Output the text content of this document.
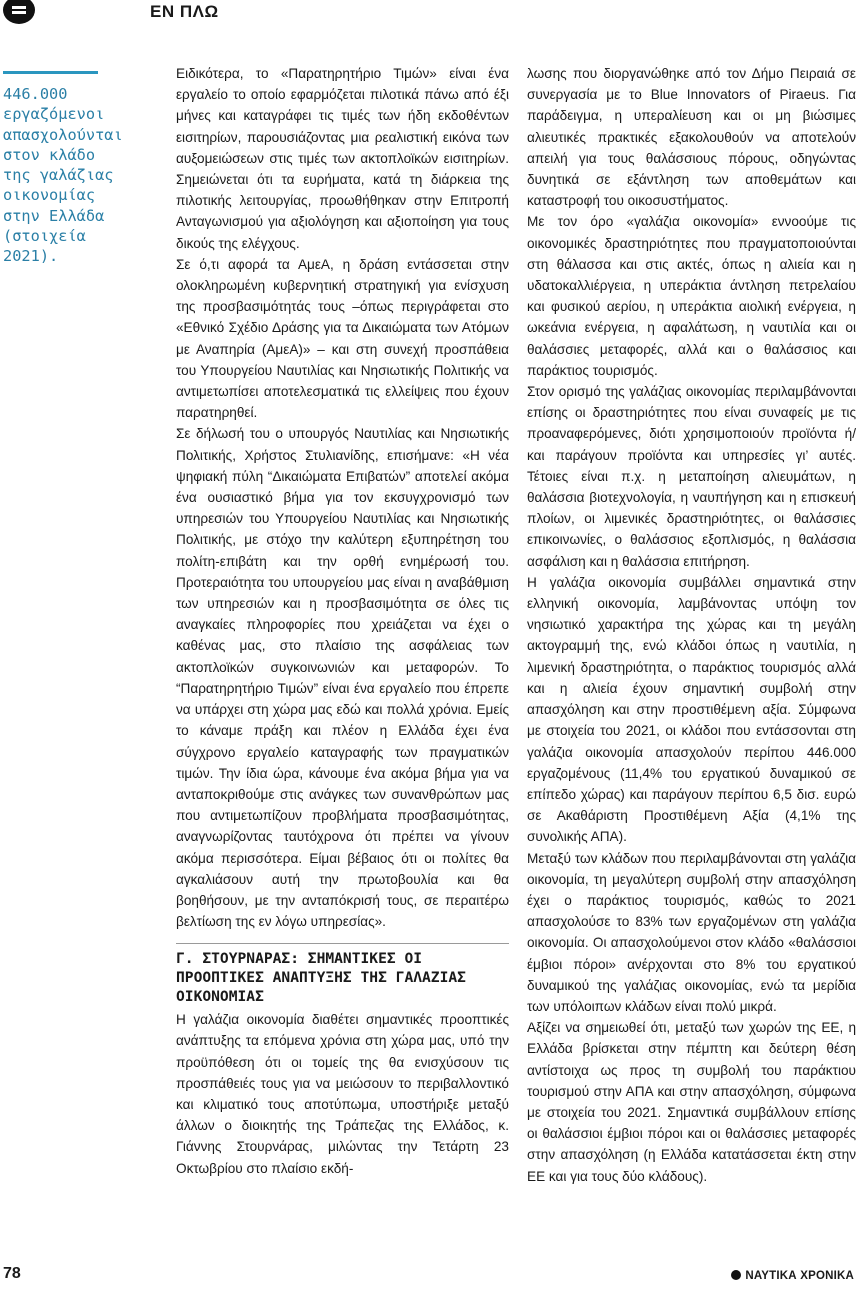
ΕΝ ΠΛΩ
446.000
εργαζόμενοι
απασχολούνται
στον κλάδο
της γαλάζιας
οικονομίας
στην Ελλάδα
(στοιχεία
2021).

Ειδικότερα, το «Παρατηρητήριο Τιμών» είναι ένα εργαλείο το οποίο εφαρμόζεται πιλοτικά πάνω από έξι μήνες και καταγράφει τις τιμές των ήδη εκδοθέντων εισιτηρίων, παρουσιάζοντας μια ρεαλιστική εικόνα των αυξομειώσεων στις τιμές των ακτοπλοϊκών εισιτηρίων. Σημειώνεται ότι τα ευρήματα, κατά τη διάρκεια της πιλοτικής λειτουργίας, προωθήθηκαν στην Επιτροπή Ανταγωνισμού για αξιολόγηση και αξιοποίηση για τους δικούς της ελέγχους.

Σε ό,τι αφορά τα ΑμεΑ, η δράση εντάσσεται στην ολοκληρωμένη κυβερνητική στρατηγική για ενίσχυση της προσβασιμότητάς τους –όπως περιγράφεται στο «Εθνικό Σχέδιο Δράσης για τα Δικαιώματα των Ατόμων με Αναπηρία (ΑμεΑ)» – και στη συνεχή προσπάθεια του Υπουργείου Ναυτιλίας και Νησιωτικής Πολιτικής να αντιμετωπίσει αποτελεσματικά τις ελλείψεις που έχουν παρατηρηθεί.

Σε δήλωσή του ο υπουργός Ναυτιλίας και Νησιωτικής Πολιτικής, Χρήστος Στυλιανίδης, επισήμανε: «Η νέα ψηφιακή πύλη “Δικαιώματα Επιβατών” αποτελεί ακόμα ένα ουσιαστικό βήμα για τον εκσυγχρονισμό των υπηρεσιών του Υπουργείου Ναυτιλίας και Νησιωτικής Πολιτικής, με στόχο την καλύτερη εξυπηρέτηση του πολίτη-επιβάτη και την ορθή ενημέρωσή του. Προτεραιότητα του υπουργείου μας είναι η αναβάθμιση των υπηρεσιών και η προσβασιμότητα σε όλες τις αναγκαίες πληροφορίες που χρειάζεται να έχει ο καθένας μας, στο πλαίσιο της ασφάλειας των ακτοπλοϊκών συγκοινωνιών και μεταφορών. Το “Παρατηρητήριο Τιμών” είναι ένα εργαλείο που έπρεπε να υπάρχει στη χώρα μας εδώ και πολλά χρόνια. Εμείς το κάναμε πράξη και πλέον η Ελλάδα έχει ένα σύγχρονο εργαλείο καταγραφής των πραγματικών τιμών. Την ίδια ώρα, κάνουμε ένα ακόμα βήμα για να ανταποκριθούμε στις ανάγκες των συνανθρώπων μας που αντιμετωπίζουν προβλήματα προσβασιμότητας, αναγνωρίζοντας ταυτόχρονα ότι πρέπει να γίνουν ακόμα περισσότερα. Είμαι βέβαιος ότι οι πολίτες θα αγκαλιάσουν αυτή την πρωτοβουλία και θα βοηθήσουν, με την ανταπόκρισή τους, σε περαιτέρω βελτίωση της εν λόγω υπηρεσίας».

Γ. ΣΤΟΥΡΝΑΡΑΣ: ΣΗΜΑΝΤΙΚΕΣ ΟΙ ΠΡΟΟΠΤΙΚΕΣ ΑΝΑΠΤΥΞΗΣ ΤΗΣ ΓΑΛΑΖΙΑΣ ΟΙΚΟΝΟΜΙΑΣ

Η γαλάζια οικονομία διαθέτει σημαντικές προοπτικές ανάπτυξης τα επόμενα χρόνια στη χώρα μας, υπό την προϋπόθεση ότι οι τομείς της θα ενισχύσουν τις προσπάθειές τους για να μειώσουν το περιβαλλοντικό και κλιματικό τους αποτύπωμα, υποστήριξε μεταξύ άλλων ο διοικητής της Τράπεζας της Ελλάδος, κ. Γιάννης Στουρνάρας, μιλώντας την Τετάρτη 23 Οκτωβρίου στο πλαίσιο εκδή-

λωσης που διοργανώθηκε από τον Δήμο Πειραιά σε συνεργασία με το Blue Innovators of Piraeus. Για παράδειγμα, η υπεραλίευση και οι μη βιώσιμες αλιευτικές πρακτικές εξακολουθούν να αποτελούν απειλή για τους θαλάσσιους πόρους, οδηγώντας δυνητικά σε εξάντληση των αποθεμάτων και καταστροφή του οικοσυστήματος.

Με τον όρο «γαλάζια οικονομία» εννοούμε τις οικονομικές δραστηριότητες που πραγματοποιούνται στη θάλασσα και στις ακτές, όπως η αλιεία και η υδατοκαλλιέργεια, η υπεράκτια άντληση πετρελαίου και φυσικού αερίου, η υπεράκτια αιολική ενέργεια, η ωκεάνια ενέργεια, η αφαλάτωση, η ναυτιλία και οι θαλάσσιες μεταφορές, αλλά και ο θαλάσσιος και παράκτιος τουρισμός.

Στον ορισμό της γαλάζιας οικονομίας περιλαμβάνονται επίσης οι δραστηριότητες που είναι συναφείς με τις προαναφερόμενες, διότι χρησιμοποιούν προϊόντα ή/και παράγουν προϊόντα και υπηρεσίες γι’ αυτές. Τέτοιες είναι π.χ. η μεταποίηση αλιευμάτων, η θαλάσσια βιοτεχνολογία, η ναυπήγηση και η επισκευή πλοίων, οι λιμενικές δραστηριότητες, οι θαλάσσιες επικοινωνίες, ο θαλάσσιος εξοπλισμός, η θαλάσσια ασφάλιση και η θαλάσσια επιτήρηση.

Η γαλάζια οικονομία συμβάλλει σημαντικά στην ελληνική οικονομία, λαμβάνοντας υπόψη τον νησιωτικό χαρακτήρα της χώρας και τη μεγάλη ακτογραμμή της, ενώ κλάδοι όπως η ναυτιλία, η λιμενική δραστηριότητα, ο παράκτιος τουρισμός αλλά και η αλιεία έχουν σημαντική συμβολή στην απασχόληση και στην προστιθέμενη αξία. Σύμφωνα με στοιχεία του 2021, οι κλάδοι που εντάσσονται στη γαλάζια οικονομία απασχολούν περίπου 446.000 εργαζομένους (11,4% του εργατικού δυναμικού σε επίπεδο χώρας) και παράγουν περίπου 6,5 δισ. ευρώ σε Ακαθάριστη Προστιθέμενη Αξία (4,1% της συνολικής ΑΠΑ).

Μεταξύ των κλάδων που περιλαμβάνονται στη γαλάζια οικονομία, τη μεγαλύτερη συμβολή στην απασχόληση έχει ο παράκτιος τουρισμός, καθώς το 2021 απασχολούσε το 83% των εργαζομένων στη γαλάζια οικονομία. Οι απασχολούμενοι στον κλάδο «θαλάσσιοι έμβιοι πόροι» ανέρχονται στο 8% του εργατικού δυναμικού της γαλάζιας οικονομίας, ενώ τα μερίδια των υπόλοιπων κλάδων είναι πολύ μικρά.

Αξίζει να σημειωθεί ότι, μεταξύ των χωρών της ΕΕ, η Ελλάδα βρίσκεται στην πέμπτη και δεύτερη θέση αντίστοιχα ως προς τη συμβολή του παράκτιου τουρισμού στην ΑΠΑ και στην απασχόληση, σύμφωνα με στοιχεία του 2021. Σημαντικά συμβάλλουν επίσης οι θαλάσσιοι έμβιοι πόροι και οι θαλάσσιες μεταφορές στην απασχόληση (η Ελλάδα κατατάσσεται έκτη στην ΕΕ και για τους δύο κλάδους).

78	ΝΑΥΤΙΚΑ ΧΡΟΝΙΚΑ
